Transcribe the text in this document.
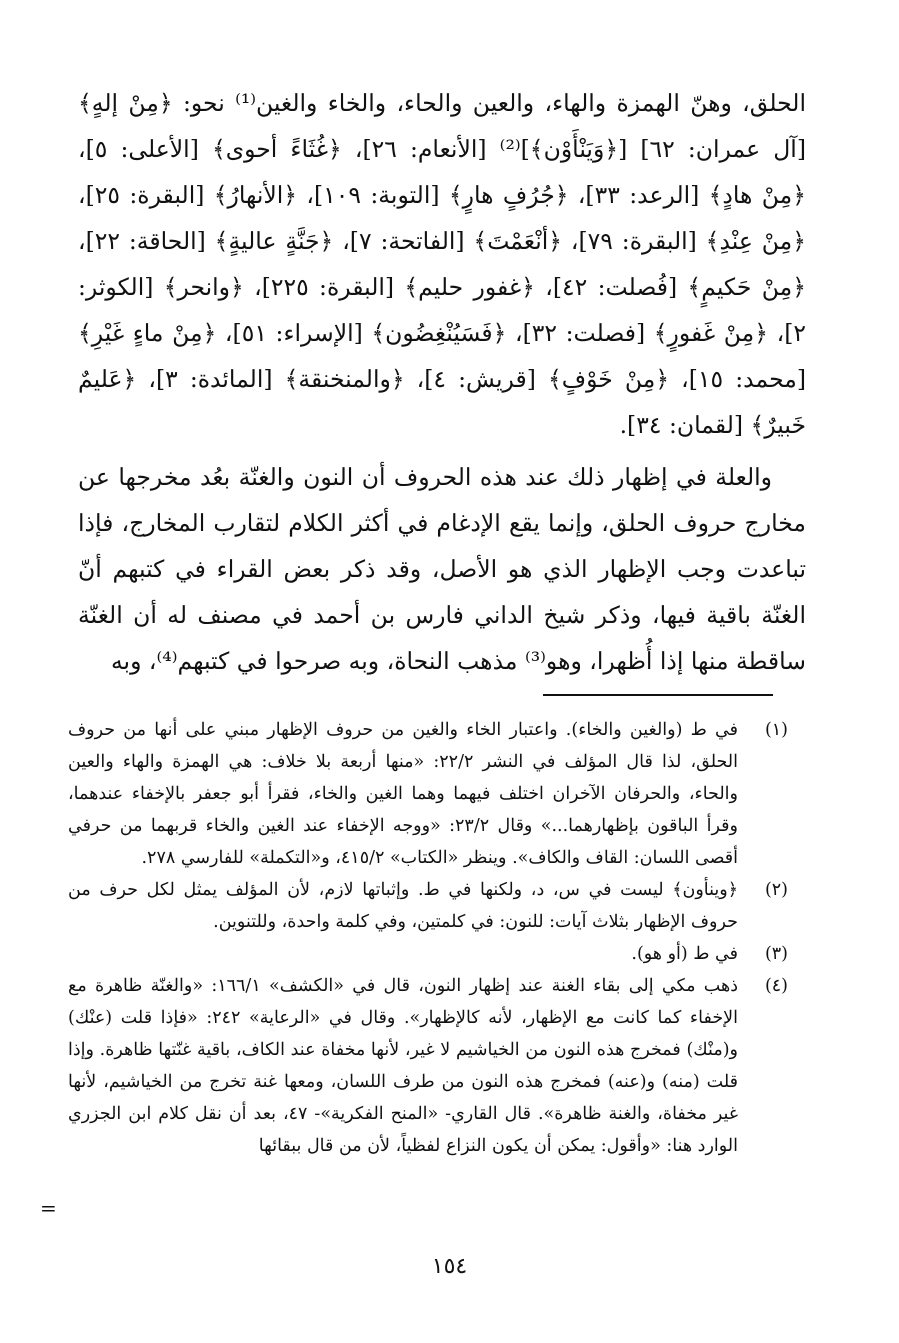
الحلق، وهنّ الهمزة والهاء، والعين والحاء، والخاء والغين⁽¹⁾ نحو: ﴿مِنْ إلهٍ﴾ [آل عمران: ٦٢] [﴿وَيَنْأَوْن﴾]⁽²⁾ [الأنعام: ٢٦]، ﴿غُثَاءً أحوى﴾ [الأعلى: ٥]، ﴿مِنْ هادٍ﴾ [الرعد: ٣٣]، ﴿جُرُفٍ هارٍ﴾ [التوبة: ١٠٩]، ﴿الأنهارُ﴾ [البقرة: ٢٥]، ﴿مِنْ عِنْدِ﴾ [البقرة: ٧٩]، ﴿أنْعَمْتَ﴾ [الفاتحة: ٧]، ﴿جَنَّةٍ عاليةٍ﴾ [الحاقة: ٢٢]، ﴿مِنْ حَكيمٍ﴾ [فُصلت: ٤٢]، ﴿غفور حليم﴾ [البقرة: ٢٢٥]، ﴿وانحر﴾ [الكوثر: ٢]، ﴿مِنْ غَفورٍ﴾ [فصلت: ٣٢]، ﴿فَسَيُنْغِضُون﴾ [الإسراء: ٥١]، ﴿مِنْ ماءٍ غَيْرِ﴾ [محمد: ١٥]، ﴿مِنْ خَوْفٍ﴾ [قريش: ٤]، ﴿والمنخنقة﴾ [المائدة: ٣]، ﴿عَليمٌ خَبيرٌ﴾ [لقمان: ٣٤].

والعلة في إظهار ذلك عند هذه الحروف أن النون والغنّة بعُد مخرجها عن مخارج حروف الحلق، وإنما يقع الإدغام في أكثر الكلام لتقارب المخارج، فإذا تباعدت وجب الإظهار الذي هو الأصل، وقد ذكر بعض القراء في كتبهم أنّ الغنّة باقية فيها، وذكر شيخ الداني فارس بن أحمد في مصنف له أن الغنّة ساقطة منها إذا أُظهرا، وهو⁽³⁾ مذهب النحاة، وبه صرحوا في كتبهم⁽⁴⁾، وبه

(١)
في ط (والغين والخاء). واعتبار الخاء والغين من حروف الإظهار مبني على أنها من حروف الحلق، لذا قال المؤلف في النشر ٢٢/٢: «منها أربعة بلا خلاف: هي الهمزة والهاء والعين والحاء، والحرفان الآخران اختلف فيهما وهما الغين والخاء، فقرأ أبو جعفر بالإخفاء عندهما، وقرأ الباقون بإظهارهما...» وقال ٢٣/٢: «ووجه الإخفاء عند الغين والخاء قربهما من حرفي أقصى اللسان: القاف والكاف». وينظر «الكتاب» ٤١٥/٢، و«التكملة» للفارسي ٢٧٨.
(٢)
﴿وينأون﴾ ليست في س، د، ولكنها في ط. وإثباتها لازم، لأن المؤلف يمثل لكل حرف من حروف الإظهار بثلاث آيات: للنون: في كلمتين، وفي كلمة واحدة، وللتنوين.
(٣)
في ط (أو هو).
(٤)
ذهب مكي إلى بقاء الغنة عند إظهار النون، قال في «الكشف» ١٦٦/١: «والغنّة ظاهرة مع الإخفاء كما كانت مع الإظهار، لأنه كالإظهار». وقال في «الرعاية» ٢٤٢: «فإذا قلت (عنْك) و(منْك) فمخرج هذه النون من الخياشيم لا غير، لأنها مخفاة عند الكاف، باقية غنّتها ظاهرة. وإذا قلت (منه) و(عنه) فمخرج هذه النون من طرف اللسان، ومعها غنة تخرج من الخياشيم، لأنها غير مخفاة، والغنة ظاهرة». قال القاري- «المنح الفكرية»- ٤٧، بعد أن نقل كلام ابن الجزري الوارد هنا: «وأقول: يمكن أن يكون النزاع لفظياً، لأن من قال ببقائها
=
١٥٤
